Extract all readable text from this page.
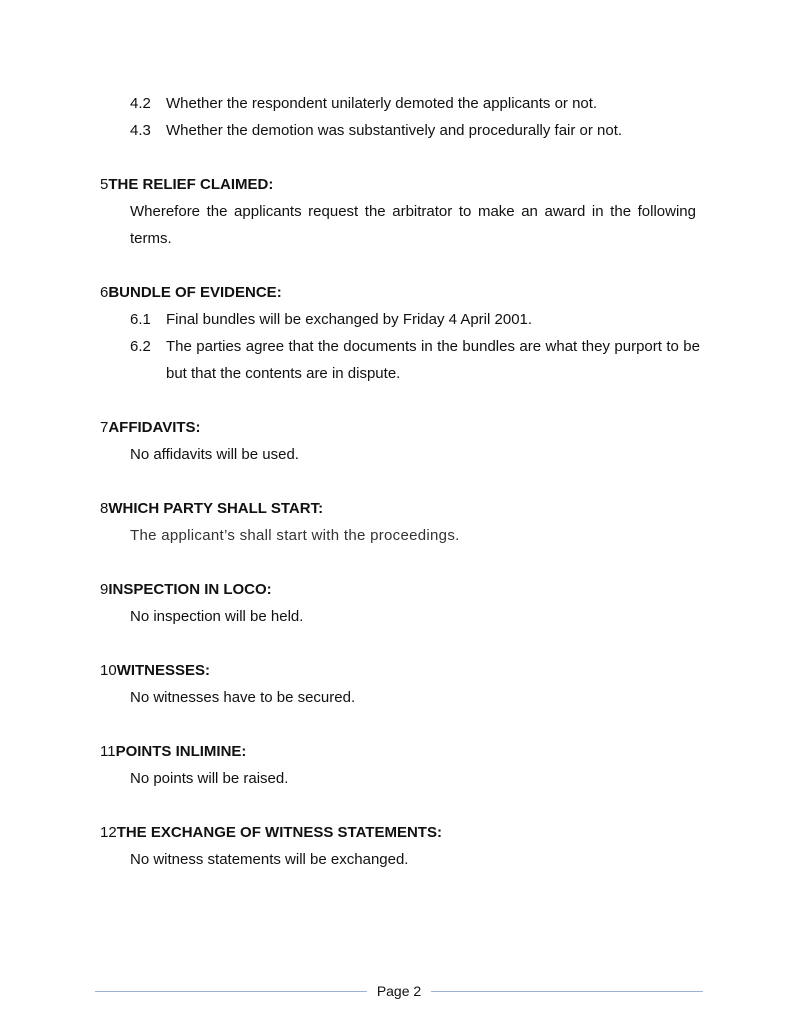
4.2	Whether the respondent unilaterly demoted the applicants or not.
4.3	Whether the demotion was substantively and procedurally fair or not.
5 THE RELIEF CLAIMED:
Wherefore the applicants request the arbitrator to make an award in the following terms.
6 BUNDLE OF EVIDENCE:
6.1	Final bundles will be exchanged by Friday 4 April 2001.
6.2	The parties agree that the documents in the bundles are what they purport to be but that the contents are in dispute.
7 AFFIDAVITS:
No affidavits will be used.
8 WHICH PARTY SHALL START:
The applicant’s shall start with the proceedings.
9 INSPECTION IN LOCO:
No inspection will be held.
10 WITNESSES:
No witnesses have to be secured.
11 POINTS INLIMINE:
No points will be raised.
12 THE EXCHANGE OF WITNESS STATEMENTS:
No witness statements will be exchanged.
Page 2
